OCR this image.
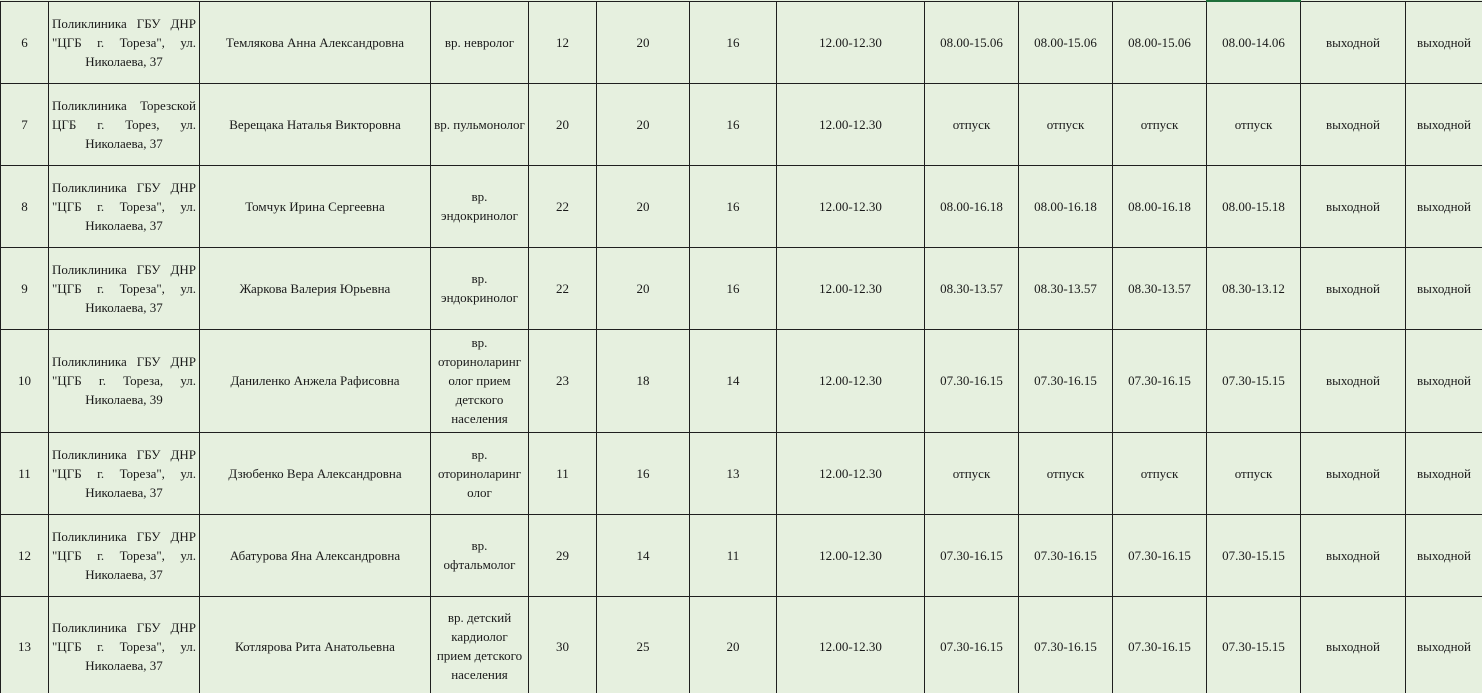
6	Поликлиника ГБУ ДНР "ЦГБ г. Тореза", ул. Николаева, 37	Темлякова Анна Александровна	вр. невролог	12	20	16	12.00-12.30	08.00-15.06	08.00-15.06	08.00-15.06	08.00-14.06	выходной	выходной
7	Поликлиника Торезской ЦГБ г. Торез, ул. Николаева, 37	Верещака Наталья Викторовна	вр. пульмонолог	20	20	16	12.00-12.30	отпуск	отпуск	отпуск	отпуск	выходной	выходной
8	Поликлиника ГБУ ДНР "ЦГБ г. Тореза", ул. Николаева, 37	Томчук Ирина Сергеевна	вр. эндокринолог	22	20	16	12.00-12.30	08.00-16.18	08.00-16.18	08.00-16.18	08.00-15.18	выходной	выходной
9	Поликлиника ГБУ ДНР "ЦГБ г. Тореза", ул. Николаева, 37	Жаркова Валерия Юрьевна	вр. эндокринолог	22	20	16	12.00-12.30	08.30-13.57	08.30-13.57	08.30-13.57	08.30-13.12	выходной	выходной
10	Поликлиника ГБУ ДНР "ЦГБ г. Тореза, ул. Николаева, 39	Даниленко Анжела Рафисовна	вр. оториноларинг олог прием детского населения	23	18	14	12.00-12.30	07.30-16.15	07.30-16.15	07.30-16.15	07.30-15.15	выходной	выходной
11	Поликлиника ГБУ ДНР "ЦГБ г. Тореза", ул. Николаева, 37	Дзюбенко Вера Александровна	вр. оториноларинг олог	11	16	13	12.00-12.30	отпуск	отпуск	отпуск	отпуск	выходной	выходной
12	Поликлиника ГБУ ДНР "ЦГБ г. Тореза", ул. Николаева, 37	Абатурова Яна Александровна	вр. офтальмолог	29	14	11	12.00-12.30	07.30-16.15	07.30-16.15	07.30-16.15	07.30-15.15	выходной	выходной
13	Поликлиника ГБУ ДНР "ЦГБ г. Тореза", ул. Николаева, 37	Котлярова Рита Анатольевна	вр. детский кардиолог прием детского населения	30	25	20	12.00-12.30	07.30-16.15	07.30-16.15	07.30-16.15	07.30-15.15	выходной	выходной
